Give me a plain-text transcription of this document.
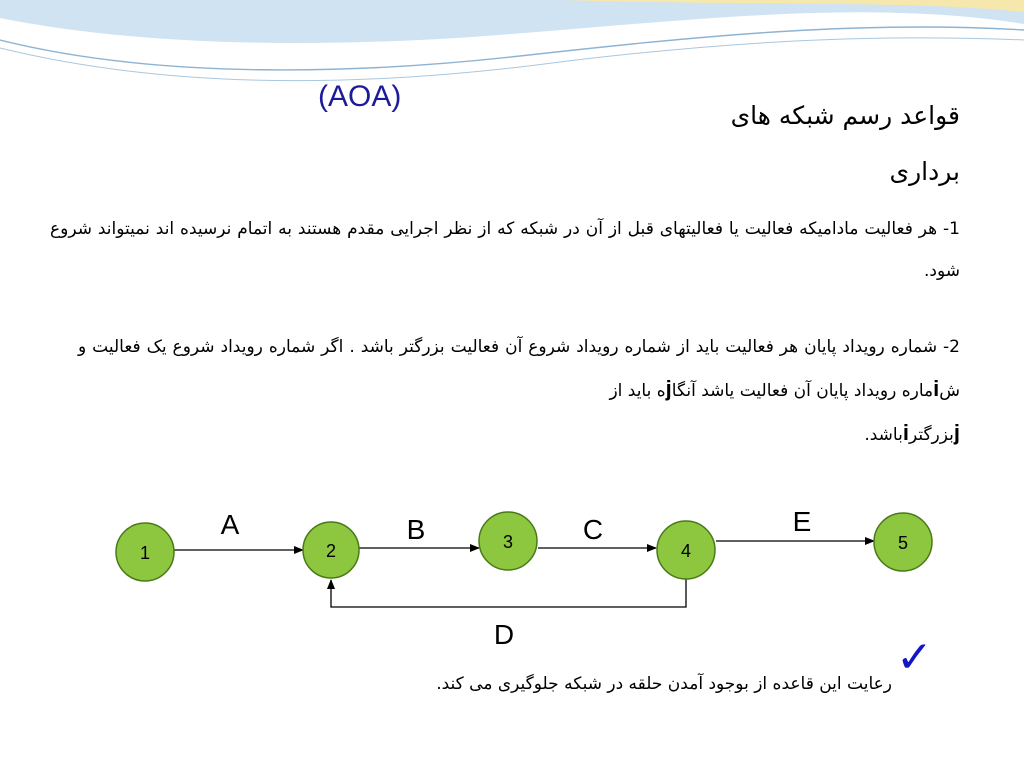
(AOA)
قواعد رسم شبکه های
برداری
1- هر فعالیت مادامیکه فعالیت یا فعالیتهای قبل از آن در شبکه که از نظر اجرایی مقدم هستند به اتمام نرسیده اند نمیتواند شروع شود.
2- شماره رویداد پایان هر فعالیت باید از شماره رویداد شروع آن فعالیت بزرگتر باشد . اگر شماره رویداد شروع یک فعالیت و شiماره رویداد پایان آن فعالیت یاشد آنگاjه باید از
jبزرگترiباشد.
A	B	C	E
D
1	2	3	4	5
✓
رعایت این قاعده از بوجود آمدن حلقه در شبکه جلوگیری می کند.
